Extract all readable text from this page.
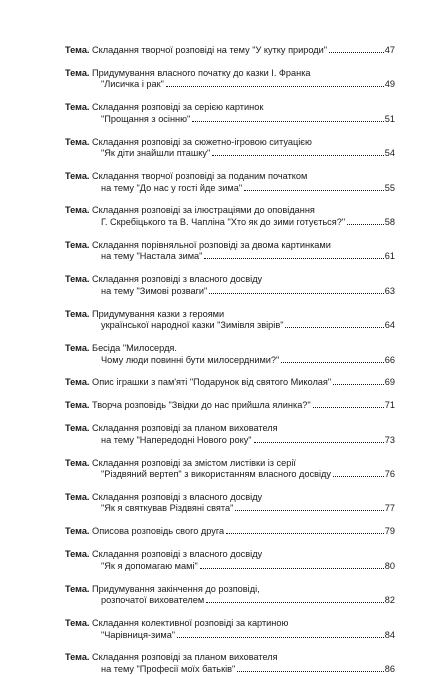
Тема. Складання творчої розповіді на тему "У кутку природи"	47
Тема. Придумування власного початку до казки І. Франка
"Лисичка і рак"	49
Тема. Складання розповіді за серією картинок
"Прощання з осінню"	51
Тема. Складання розповіді за сюжетно-ігровою ситуацією
"Як діти знайшли пташку"	54
Тема. Складання творчої розповіді за поданим початком
на тему "До нас у гості йде зима"	55
Тема. Складання розповіді за ілюстраціями до оповідання
Г. Скребіцького та В. Чапліна "Хто як до зими готується?"	58
Тема. Складання порівняльної розповіді за двома картинками
на тему "Настала зима"	61
Тема. Складання розповіді з власного досвіду
на тему "Зимові розваги"	63
Тема. Придумування казки з героями
української народної казки "Зимівля звірів"	64
Тема. Бесіда "Милосердя.
Чому люди повинні бути милосердними?"	66
Тема. Опис іграшки з пам'яті "Подарунок від святого Миколая"	69
Тема. Творча розповідь "Звідки до нас прийшла ялинка?"	71
Тема. Складання розповіді за планом вихователя
на тему "Напередодні Нового року"	73
Тема. Складання розповіді за змістом листівки із серії
"Різдвяний вертеп" з використанням власного досвіду	76
Тема. Складання розповіді з власного досвіду
"Як я святкував Різдвяні свята"	77
Тема. Описова розповідь свого друга	79
Тема. Складання розповіді з власного досвіду
"Як я допомагаю мамі"	80
Тема. Придумування закінчення до розповіді,
розпочатої вихователем	82
Тема. Складання колективної розповіді за картиною
"Чарівниця-зима"	84
Тема. Складання розповіді за планом вихователя
на тему "Професії моїх батьків"	86
